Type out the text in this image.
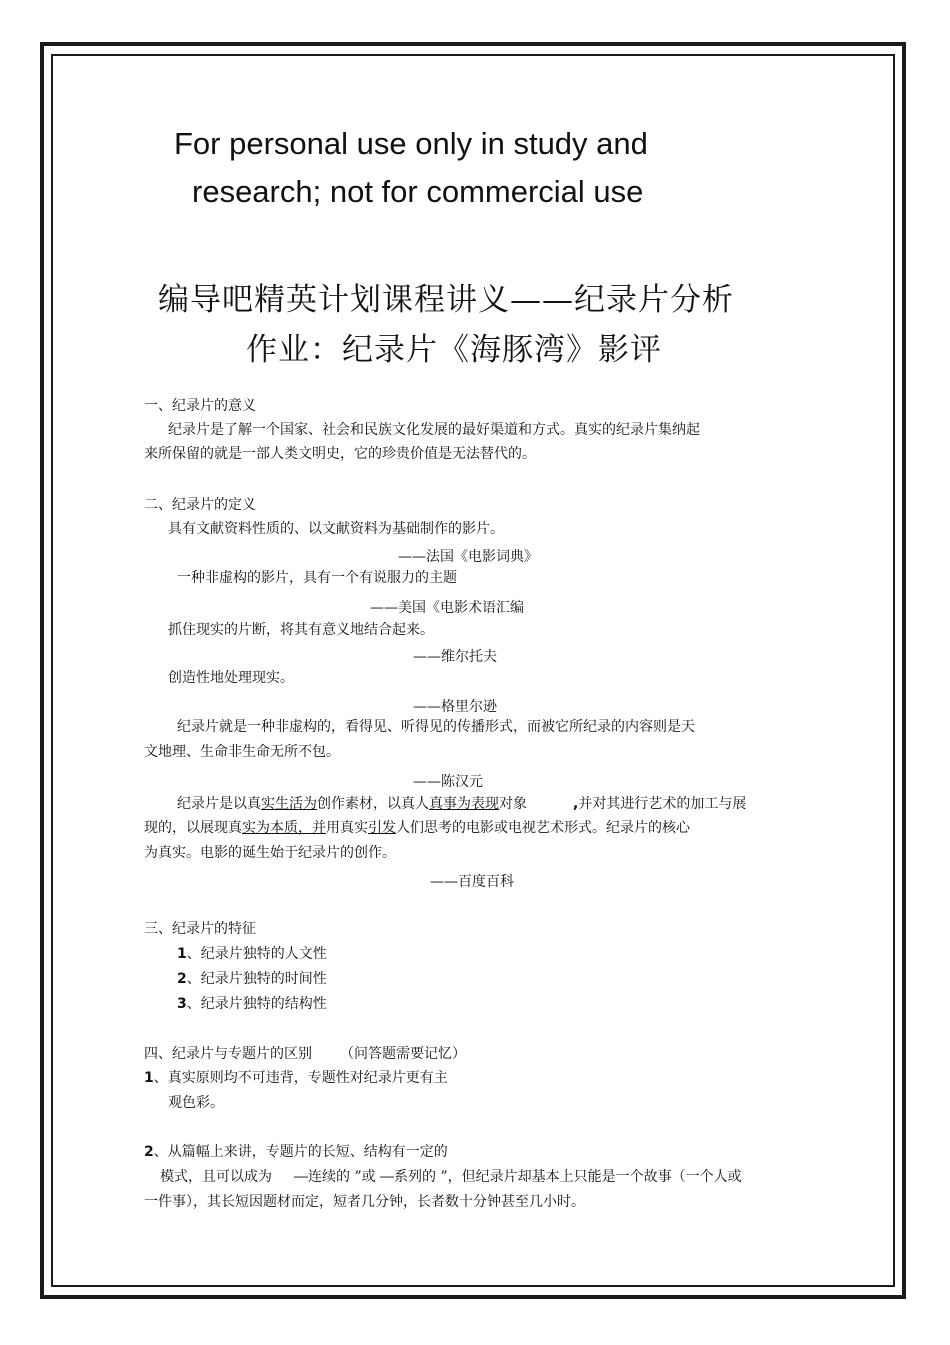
For personal use only in study and
research; not for commercial use
编导吧精英计划课程讲义——纪录片分析
作业：纪录片《海豚湾》影评
一、纪录片的意义
纪录片是了解一个国家、社会和民族文化发展的最好渠道和方式。真实的纪录片集纳起
来所保留的就是一部人类文明史，它的珍贵价值是无法替代的。
二、纪录片的定义
具有文献资料性质的、以文献资料为基础制作的影片。
——法国《电影词典》
一种非虚构的影片，具有一个有说服力的主题
——美国《电影术语汇编
抓住现实的片断，将其有意义地结合起来。
——维尔托夫
创造性地处理现实。
——格里尔逊
纪录片就是一种非虚构的，看得见、听得见的传播形式，而被它所纪录的内容则是天
文地理、生命非生命无所不包。
——陈汉元
纪录片是以真实生活为创作素材，以真人真事为表现对象	,并对其进行艺术的加工与展
现的，以展现真实为本质，并用真实引发人们思考的电影或电视艺术形式。纪录片的核心
为真实。电影的诞生始于纪录片的创作。
——百度百科
三、纪录片的特征
1、纪录片独特的人文性
2、纪录片独特的时间性
3、纪录片独特的结构性
四、纪录片与专题片的区别 （问答题需要记忆）
1、真实原则均不可违背，专题性对纪录片更有主
观色彩。
2、从篇幅上来讲，专题片的长短、结构有一定的
模式，且可以成为 ―连续的 ”或 ―系列的 ”，但纪录片却基本上只能是一个故事（一个人或
一件事），其长短因题材而定，短者几分钟，长者数十分钟甚至几小时。
